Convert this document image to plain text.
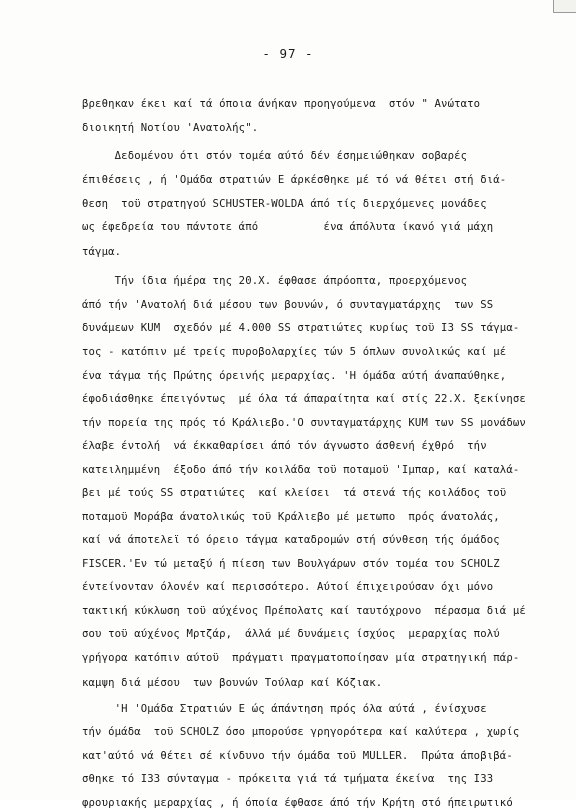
- 97 -
βρεθηκαν έκει καί τά όποια άνήκαν προηγούμενα  στόν " Ανώτατο
διοικητή Νοτίου 'Ανατολής".
Δεδομένου ότι στόν τομέα αύτό δέν έσημειώθηκαν σοβαρές
έπιθέσεις , ή 'Ομάδα στρατιών Ε άρκέσθηκε μέ τό νά θέτει στή διά-
θεση  τοϋ στρατηγού SCHUSTER-WOLDA άπό τίς διερχόμενες μονάδες
ως έφεδρεία του πάντοτε άπό          ένα άπόλυτα ίκανό γιά μάχη
τάγμα.
Τήν ίδια ήμέρα της 20.Χ. έφθασε άπρόοπτα, προερχόμενος
άπό τήν 'Ανατολή διά μέσου των βουνών, ό συνταγματάρχης  των SS
δυνάμεων KUM  σχεδόν μέ 4.000 SS στρατιώτες κυρίως τοϋ I3 SS τάγμα-
τος - κατόπιν μέ τρείς πυροβολαρχίες τών 5 όπλων συνολικώς καί μέ
ένα τάγμα τής Πρώτης όρεινής μεραρχίας. 'Η όμάδα αύτή άναπαύθηκε,
έφοδιάσθηκε έπειγόντως  μέ όλα τά άπαραίτητα καί στίς 22.Χ. ξεκίνησε
τήν πορεία της πρός τό Κράλιεβο.'Ο συνταγματάρχης KUM των SS μονάδων
έλαβε έντολή  νά έκκαθαρίσει άπό τόν άγνωστο άσθενή έχθρό  τήν
κατειλημμένη  έξοδο άπό τήν κοιλάδα τοϋ ποταμοϋ 'Ιμπαρ, καί καταλά-
βει μέ τούς SS στρατιώτες  καί κλείσει  τά στενά τής κοιλάδος τοϋ
ποταμοϋ Μοράβα άνατολικώς τοϋ Κράλιεβο μέ μετωπο  πρός άνατολάς,
καί νά άποτελεϊ τό όρειο τάγμα καταδρομών στή σύνθεση τής όμάδος
FISCER.'Εν τώ μεταξύ ή πίεση των Βουλγάρων στόν τομέα του SCHOLZ
έντείνονταν όλονέν καί περισσότερο. Αύτοί έπιχειρούσαν όχι μόνο
τακτική κύκλωση τοϋ αύχένος Πρέπολατς καί ταυτόχρονο  πέρασμα διά μέ
σου τοϋ αύχένος Μρτζάρ,  άλλά μέ δυνάμεις ίσχύος  μεραρχίας πολύ
γρήγορα κατόπιν αύτοϋ  πράγματι πραγματοποίησαν μία στρατηγική πάρ-
καμψη διά μέσου  των βουνών Τούλαρ καί Κόζιακ.
'Η 'Ομάδα Στρατιών Ε ώς άπάντηση πρός όλα αύτά , ένίσχυσε
τήν όμάδα  τοϋ SCHOLZ όσο μπορούσε γρηγορότερα καί καλύτερα , χωρίς
κατ'αύτό νά θέτει σέ κίνδυνο τήν όμάδα τοϋ MULLER.  Πρώτα άποβιβά-
σθηκε τό I33 σύνταγμα - πρόκειτα γιά τά τμήματα έκείνα  της I33
φρουριακής μεραρχίας , ή όποία έφθασε άπό τήν Κρήτη στό ήπειρωτικό
